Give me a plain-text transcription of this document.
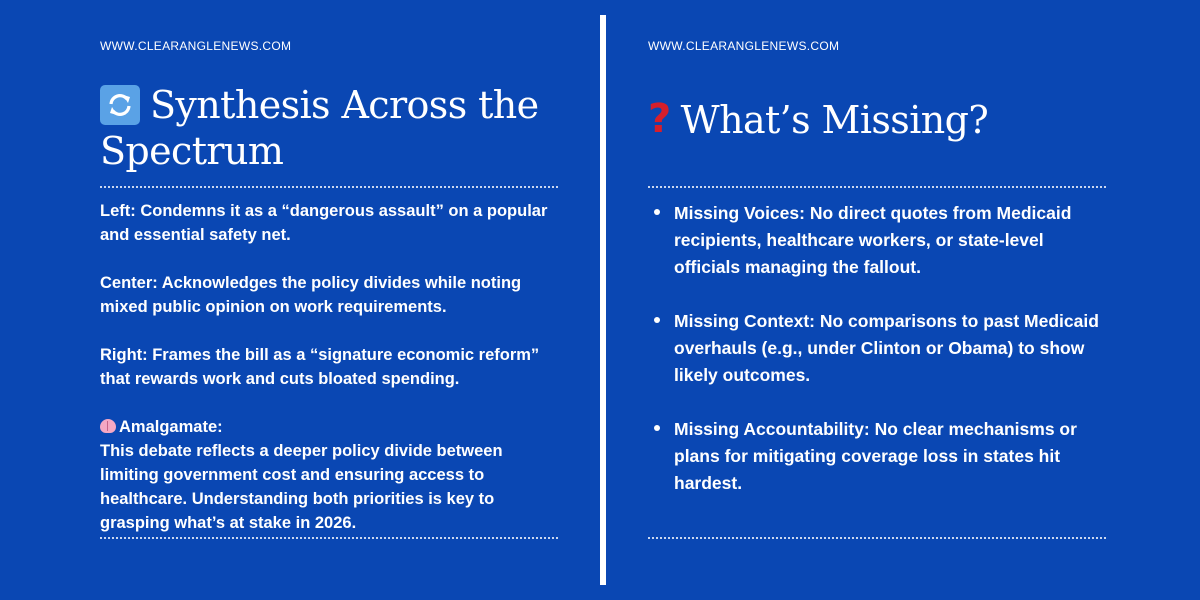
WWW.CLEARANGLENEWS.COM
Synthesis Across the Spectrum
Left: Condemns it as a “dangerous assault” on a popular and essential safety net.
Center: Acknowledges the policy divides while noting mixed public opinion on work requirements.
Right: Frames the bill as a “signature economic reform” that rewards work and cuts bloated spending.
Amalgamate:
This debate reflects a deeper policy divide between limiting government cost and ensuring access to healthcare. Understanding both priorities is key to grasping what’s at stake in 2026.
WWW.CLEARANGLENEWS.COM
? What’s Missing?
Missing Voices: No direct quotes from Medicaid recipients, healthcare workers, or state-level officials managing the fallout.
Missing Context: No comparisons to past Medicaid overhauls (e.g., under Clinton or Obama) to show likely outcomes.
Missing Accountability: No clear mechanisms or plans for mitigating coverage loss in states hit hardest.
